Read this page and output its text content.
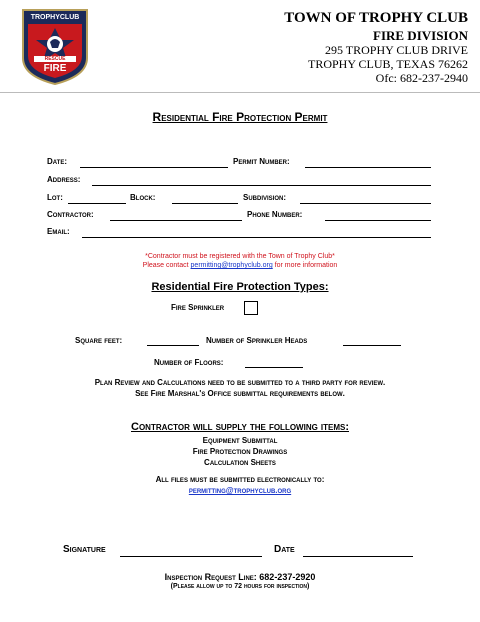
TROPHYCLUB
RESCUE
FIRE
TOWN OF TROPHY CLUB
FIRE DIVISION
295 TROPHY CLUB DRIVE
TROPHY CLUB, TEXAS 76262
Ofc: 682-237-2940
Residential Fire Protection Permit
Date:	Permit Number:
Address:
Lot:	Block:	Subdivision:
Contractor:	Phone Number:
Email:
*Contractor must be registered with the Town of Trophy Club*
Please contact permitting@trophyclub.org for more information
Residential Fire Protection Types:
Fire Sprinkler
Square feet:	Number of Sprinkler Heads
Number of Floors:
Plan Review and Calculations need to be submitted to a third party for review.
See Fire Marshal's Office submittal requirements below.
Contractor will supply the following items:
Equipment Submittal
Fire Protection Drawings
Calculation Sheets
All files must be submitted electronically to:
permitting@trophyclub.org
Signature	Date
Inspection Request Line: 682-237-2920
(Please allow up to 72 hours for inspection)
